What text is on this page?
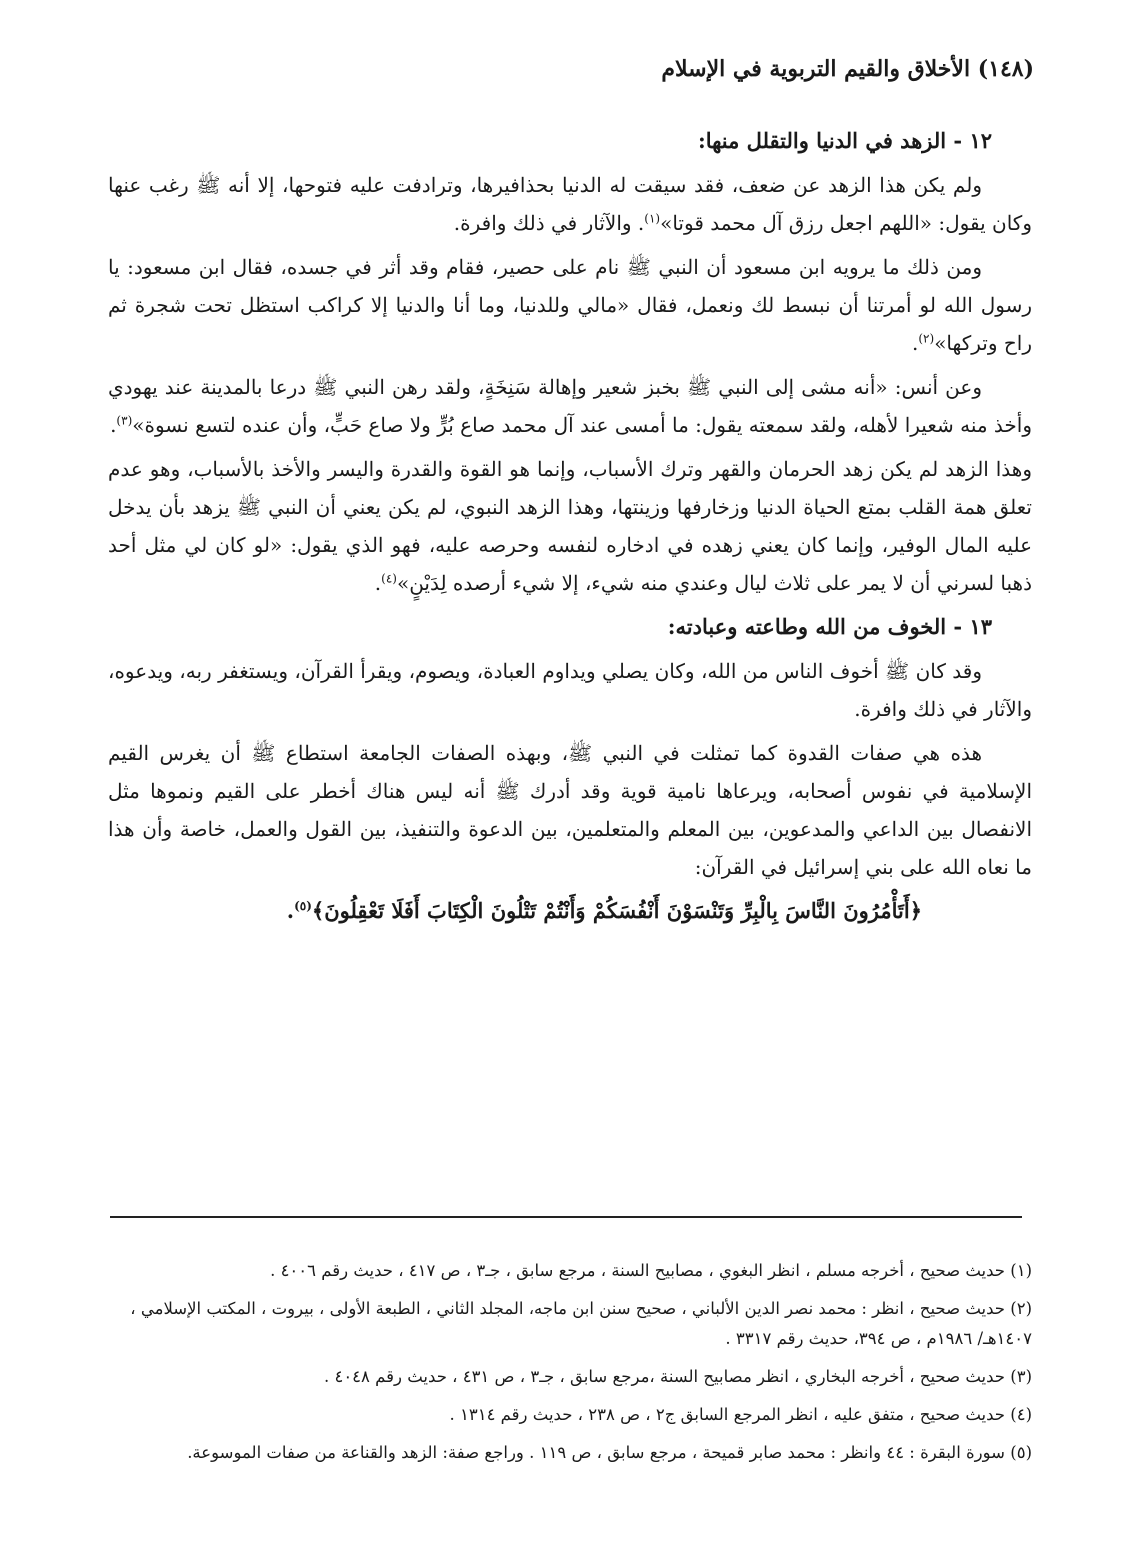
(١٤٨) الأخلاق والقيم التربوية في الإسلام

١٢ - الزهد في الدنيا والتقلل منها:

ولم يكن هذا الزهد عن ضعف، فقد سيقت له الدنيا بحذافيرها، وترادفت عليه فتوحها، إلا أنه ﷺ رغب عنها وكان يقول: «اللهم اجعل رزق آل محمد قوتا»$^{(١)}$. والآثار في ذلك وافرة.

ومن ذلك ما يرويه ابن مسعود أن النبي ﷺ نام على حصير، فقام وقد أثر في جسده، فقال ابن مسعود: يا رسول الله لو أمرتنا أن نبسط لك ونعمل، فقال «مالي وللدنيا، وما أنا والدنيا إلا كراكب استظل تحت شجرة ثم راح وتركها»$^{(٢)}$.

وعن أنس: «أنه مشى إلى النبي ﷺ بخبز شعير وإهالة سَنِخَةٍ، ولقد رهن النبي ﷺ درعا بالمدينة عند يهودي وأخذ منه شعيرا لأهله، ولقد سمعته يقول: ما أمسى عند آل محمد صاع بُرٍّ ولا صاع حَبٍّ، وأن عنده لتسع نسوة»$^{(٣)}$.

وهذا الزهد لم يكن زهد الحرمان والقهر وترك الأسباب، وإنما هو القوة والقدرة واليسر والأخذ بالأسباب، وهو عدم تعلق همة القلب بمتع الحياة الدنيا وزخارفها وزينتها، وهذا الزهد النبوي، لم يكن يعني أن النبي ﷺ يزهد بأن يدخل عليه المال الوفير، وإنما كان يعني زهده في ادخاره لنفسه وحرصه عليه، فهو الذي يقول: «لو كان لي مثل أحد ذهبا لسرني أن لا يمر على ثلاث ليال وعندي منه شيء، إلا شيء أرصده لِدَيْنٍ»$^{(٤)}$.

١٣ - الخوف من الله وطاعته وعبادته:

وقد كان ﷺ أخوف الناس من الله، وكان يصلي ويداوم العبادة، ويصوم، ويقرأ القرآن، ويستغفر ربه، ويدعوه، والآثار في ذلك وافرة.

هذه هي صفات القدوة كما تمثلت في النبي ﷺ، وبهذه الصفات الجامعة استطاع ﷺ أن يغرس القيم الإسلامية في نفوس أصحابه، ويرعاها نامية قوية وقد أدرك ﷺ أنه ليس هناك أخطر على القيم ونموها مثل الانفصال بين الداعي والمدعوين، بين المعلم والمتعلمين، بين الدعوة والتنفيذ، بين القول والعمل، خاصة وأن هذا ما نعاه الله على بني إسرائيل في القرآن:

﴿أَتَأْمُرُونَ النَّاسَ بِالْبِرِّ وَتَنْسَوْنَ أَنْفُسَكُمْ وَأَنْتُمْ تَتْلُونَ الْكِتَابَ أَفَلَا تَعْقِلُونَ﴾$^{(٥)}$.

(١) حديث صحيح ، أخرجه مسلم ، انظر البغوي ، مصابيح السنة ، مرجع سابق ، جـ٣ ، ص ٤١٧ ، حديث رقم ٤٠٠٦ .

(٢) حديث صحيح ، انظر : محمد نصر الدين الألباني ، صحيح سنن ابن ماجه، المجلد الثاني ، الطبعة الأولى ، بيروت ، المكتب الإسلامي ، ١٤٠٧هـ/ ١٩٨٦م ، ص ٣٩٤، حديث رقم ٣٣١٧ .

(٣) حديث صحيح ، أخرجه البخاري ، انظر مصابيح السنة ،مرجع سابق ، جـ٣ ، ص ٤٣١ ، حديث رقم ٤٠٤٨ .

(٤) حديث صحيح ، متفق عليه ، انظر المرجع السابق ج٢ ، ص ٢٣٨ ، حديث رقم ١٣١٤ .

(٥) سورة البقرة : ٤٤ وانظر : محمد صابر قميحة ، مرجع سابق ، ص ١١٩ . وراجع صفة: الزهد والقناعة من صفات الموسوعة.
